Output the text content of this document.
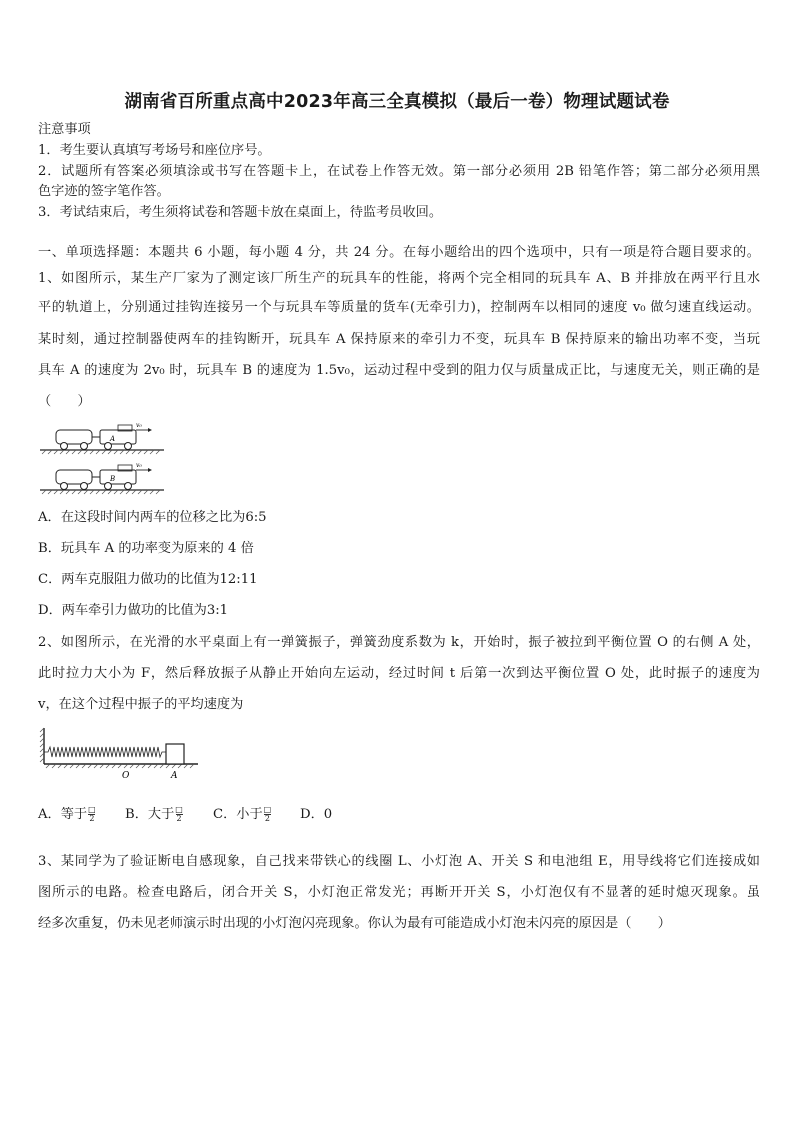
湖南省百所重点高中2023年高三全真模拟（最后一卷）物理试题试卷
注意事项
1．考生要认真填写考场号和座位序号。
2．试题所有答案必须填涂或书写在答题卡上，在试卷上作答无效。第一部分必须用 2B 铅笔作答；第二部分必须用黑
色字迹的签字笔作答。
3．考试结束后，考生须将试卷和答题卡放在桌面上，待监考员收回。
一、单项选择题：本题共 6 小题，每小题 4 分，共 24 分。在每小题给出的四个选项中，只有一项是符合题目要求的。
1、如图所示，某生产厂家为了测定该厂所生产的玩具车的性能，将两个完全相同的玩具车 A、B 并排放在两平行且水
平的轨道上，分别通过挂钩连接另一个与玩具车等质量的货车(无牵引力)，控制两车以相同的速度 v₀ 做匀速直线运动。
某时刻，通过控制器使两车的挂钩断开，玩具车 A 保持原来的牵引力不变，玩具车 B 保持原来的输出功率不变，当玩
具车 A 的速度为 2v₀ 时，玩具车 B 的速度为 1.5v₀，运动过程中受到的阻力仅与质量成正比，与速度无关，则正确的是
（　　）
A
v₀
B
v₀
A．在这段时间内两车的位移之比为6:5
B．玩具车 A 的功率变为原来的 4 倍
C．两车克服阻力做功的比值为12:11
D．两车牵引力做功的比值为3:1
2、如图所示，在光滑的水平桌面上有一弹簧振子，弹簧劲度系数为 k，开始时，振子被拉到平衡位置 O 的右侧 A 处，
此时拉力大小为 F，然后释放振子从静止开始向左运动，经过时间 t 后第一次到达平衡位置 O 处，此时振子的速度为
v，在这个过程中振子的平均速度为
O	A
A．等于 $\frac{□}{2}$ B．大于 $\frac{□}{2}$ C．小于 $\frac{□}{2}$ D．0
3、某同学为了验证断电自感现象，自己找来带铁心的线圈 L、小灯泡 A、开关 S 和电池组 E，用导线将它们连接成如
图所示的电路。检查电路后，闭合开关 S，小灯泡正常发光；再断开开关 S，小灯泡仅有不显著的延时熄灭现象。虽
经多次重复，仍未见老师演示时出现的小灯泡闪亮现象。你认为最有可能造成小灯泡未闪亮的原因是（　　）
